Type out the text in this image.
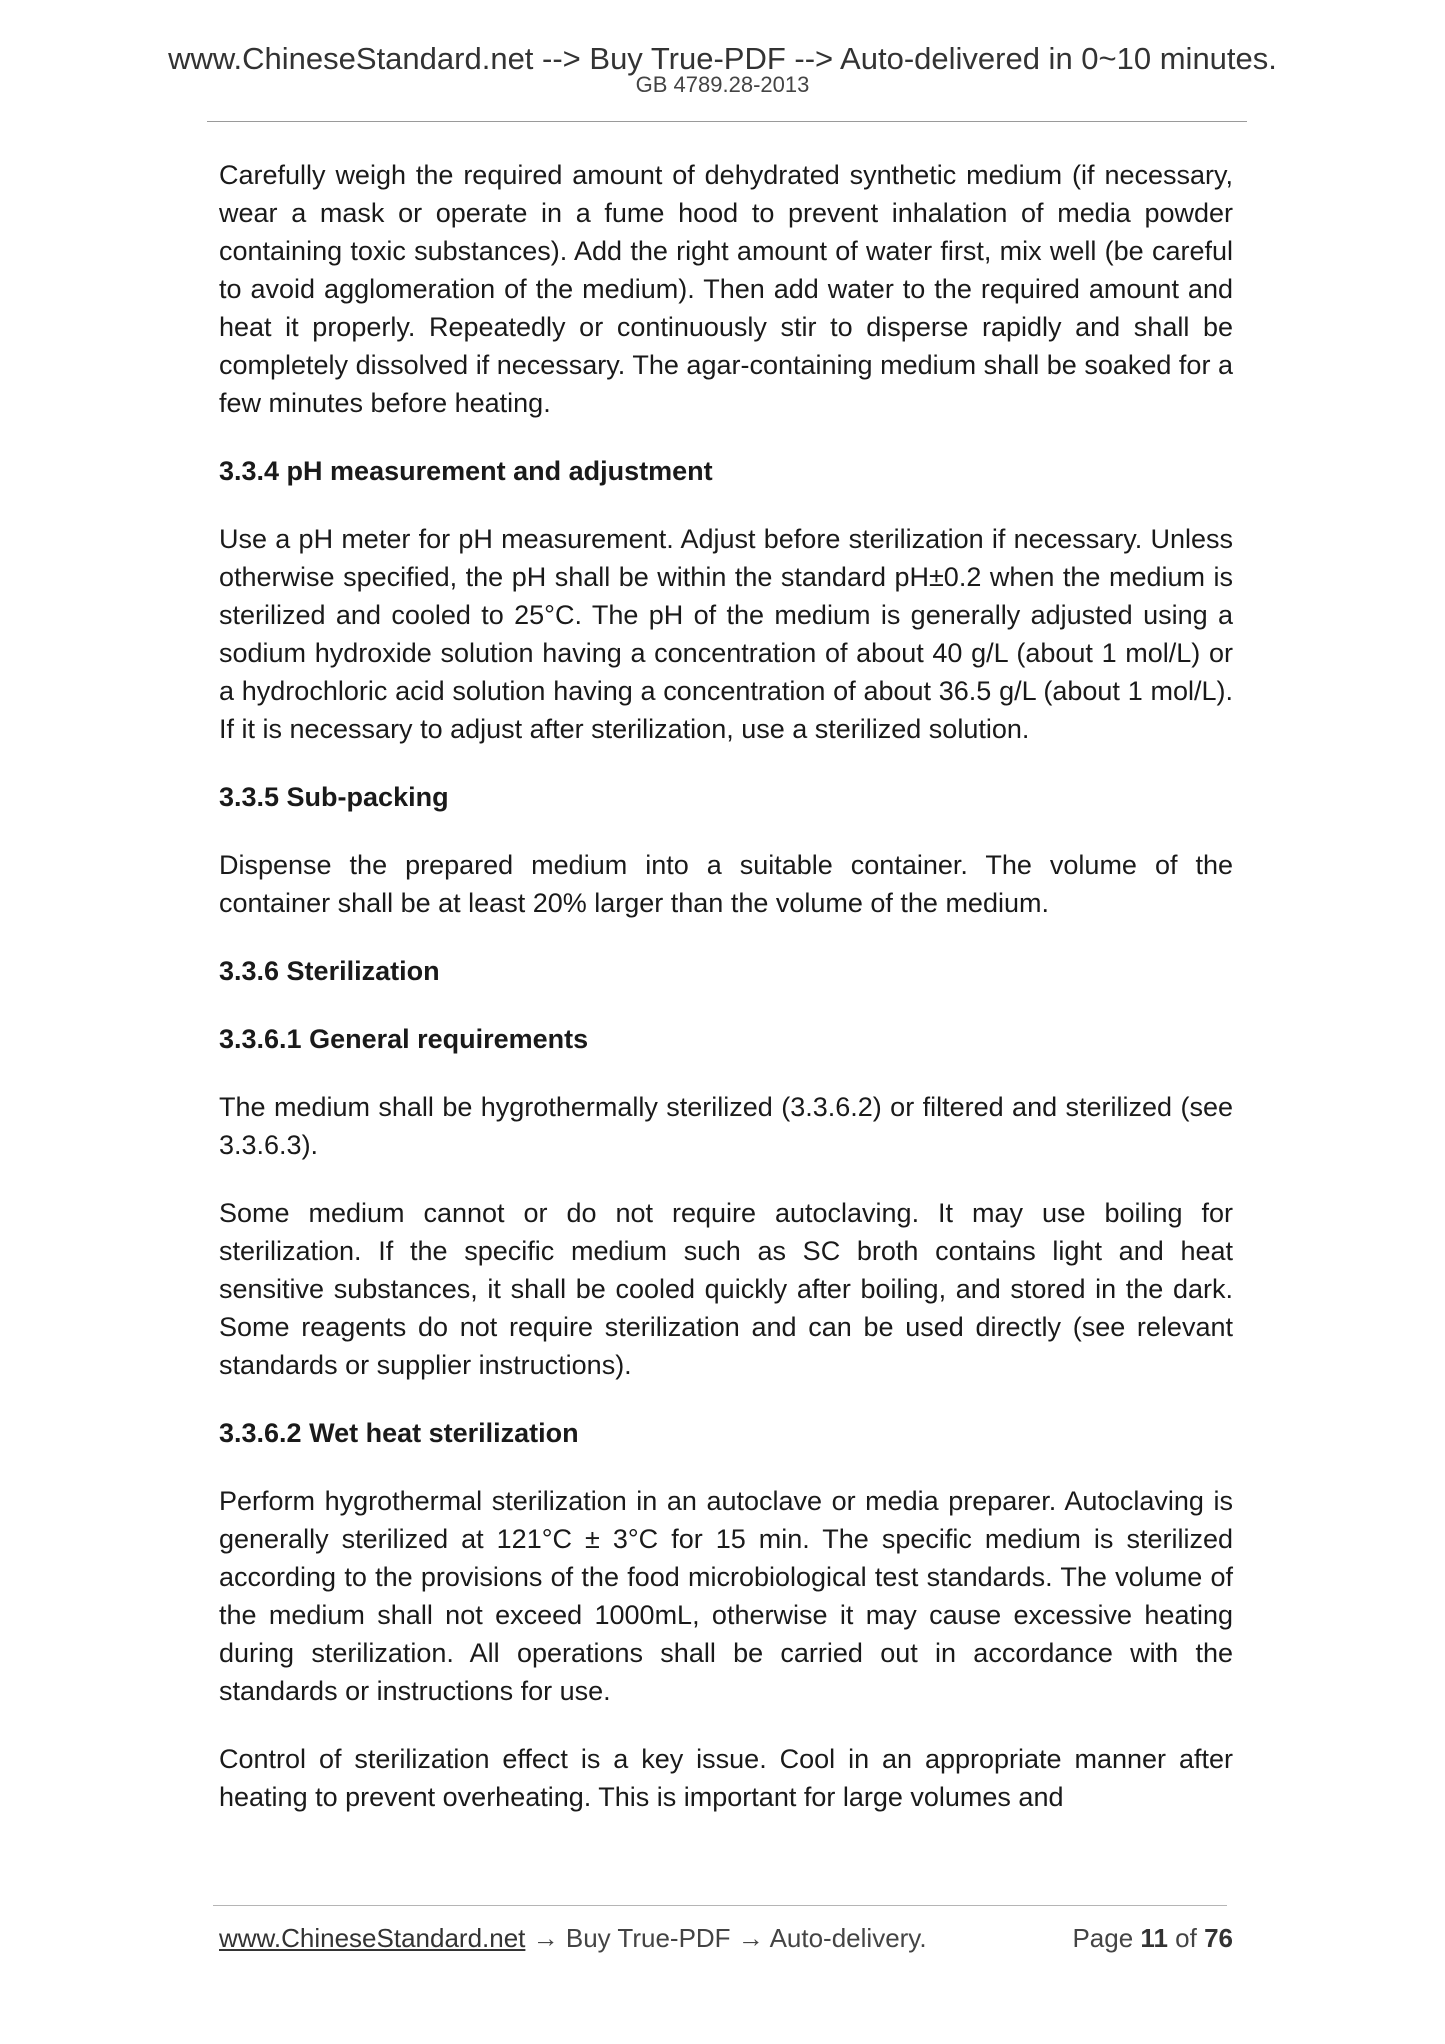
www.ChineseStandard.net --> Buy True-PDF --> Auto-delivered in 0~10 minutes.
GB 4789.28-2013

Carefully weigh the required amount of dehydrated synthetic medium (if necessary, wear a mask or operate in a fume hood to prevent inhalation of media powder containing toxic substances). Add the right amount of water first, mix well (be careful to avoid agglomeration of the medium). Then add water to the required amount and heat it properly. Repeatedly or continuously stir to disperse rapidly and shall be completely dissolved if necessary. The agar-containing medium shall be soaked for a few minutes before heating.

3.3.4 pH measurement and adjustment

Use a pH meter for pH measurement. Adjust before sterilization if necessary. Unless otherwise specified, the pH shall be within the standard pH±0.2 when the medium is sterilized and cooled to 25°C. The pH of the medium is generally adjusted using a sodium hydroxide solution having a concentration of about 40 g/L (about 1 mol/L) or a hydrochloric acid solution having a concentration of about 36.5 g/L (about 1 mol/L). If it is necessary to adjust after sterilization, use a sterilized solution.

3.3.5 Sub-packing

Dispense the prepared medium into a suitable container. The volume of the container shall be at least 20% larger than the volume of the medium.

3.3.6 Sterilization
3.3.6.1 General requirements

The medium shall be hygrothermally sterilized (3.3.6.2) or filtered and sterilized (see 3.3.6.3).

Some medium cannot or do not require autoclaving. It may use boiling for sterilization. If the specific medium such as SC broth contains light and heat sensitive substances, it shall be cooled quickly after boiling, and stored in the dark. Some reagents do not require sterilization and can be used directly (see relevant standards or supplier instructions).

3.3.6.2 Wet heat sterilization

Perform hygrothermal sterilization in an autoclave or media preparer. Autoclaving is generally sterilized at 121°C ± 3°C for 15 min. The specific medium is sterilized according to the provisions of the food microbiological test standards. The volume of the medium shall not exceed 1000mL, otherwise it may cause excessive heating during sterilization. All operations shall be carried out in accordance with the standards or instructions for use.

Control of sterilization effect is a key issue. Cool in an appropriate manner after heating to prevent overheating. This is important for large volumes and

www.ChineseStandard.net → Buy True-PDF → Auto-delivery.	Page 11 of 76
